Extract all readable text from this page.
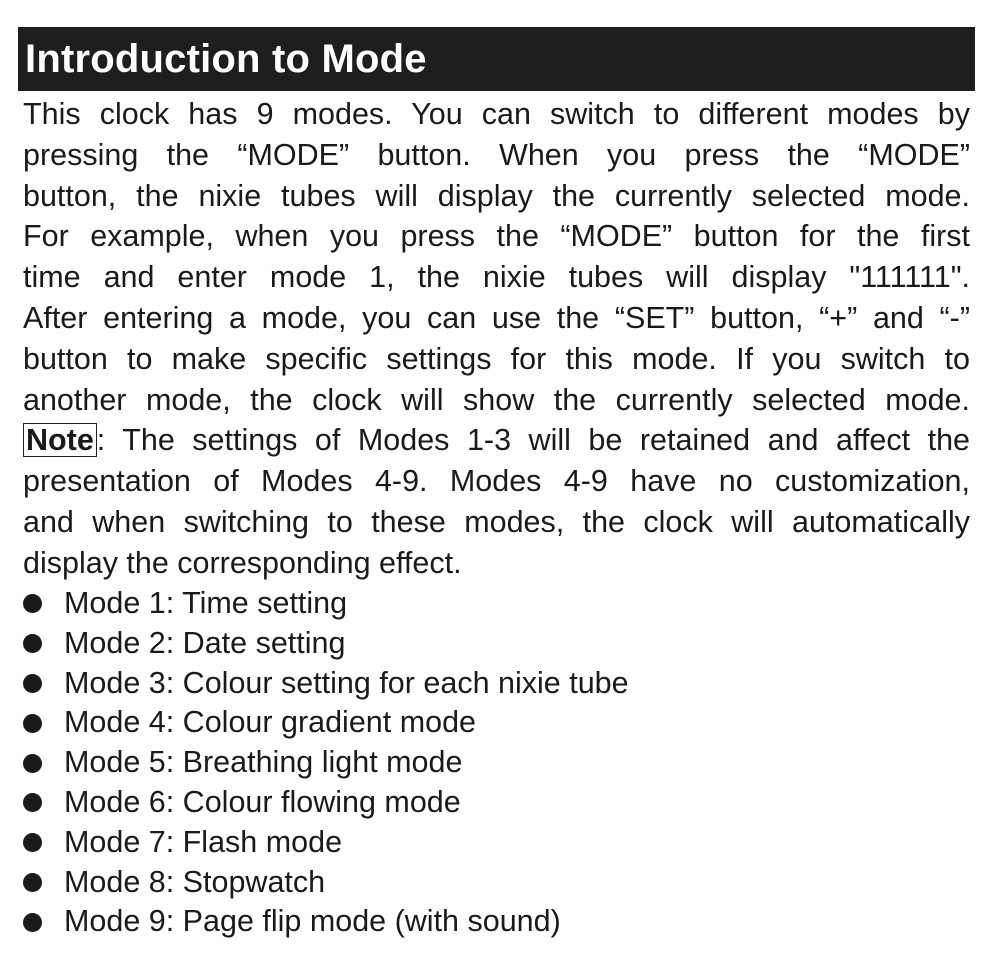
Introduction to Mode
This clock has 9 modes. You can switch to different modes by
pressing the “MODE” button. When you press the “MODE”
button, the nixie tubes will display the currently selected mode.
For example, when you press the “MODE” button for the first
time and enter mode 1, the nixie tubes will display "111111".
After entering a mode, you can use the “SET” button, “+” and “-”
button to make specific settings for this mode. If you switch to
another mode, the clock will show the currently selected mode.
Note: The settings of Modes 1-3 will be retained and affect the
presentation of Modes 4-9. Modes 4-9 have no customization,
and when switching to these modes, the clock will automatically
display the corresponding effect.
Mode 1: Time setting
Mode 2: Date setting
Mode 3: Colour setting for each nixie tube
Mode 4: Colour gradient mode
Mode 5: Breathing light mode
Mode 6: Colour flowing mode
Mode 7: Flash mode
Mode 8: Stopwatch
Mode 9: Page flip mode (with sound)
